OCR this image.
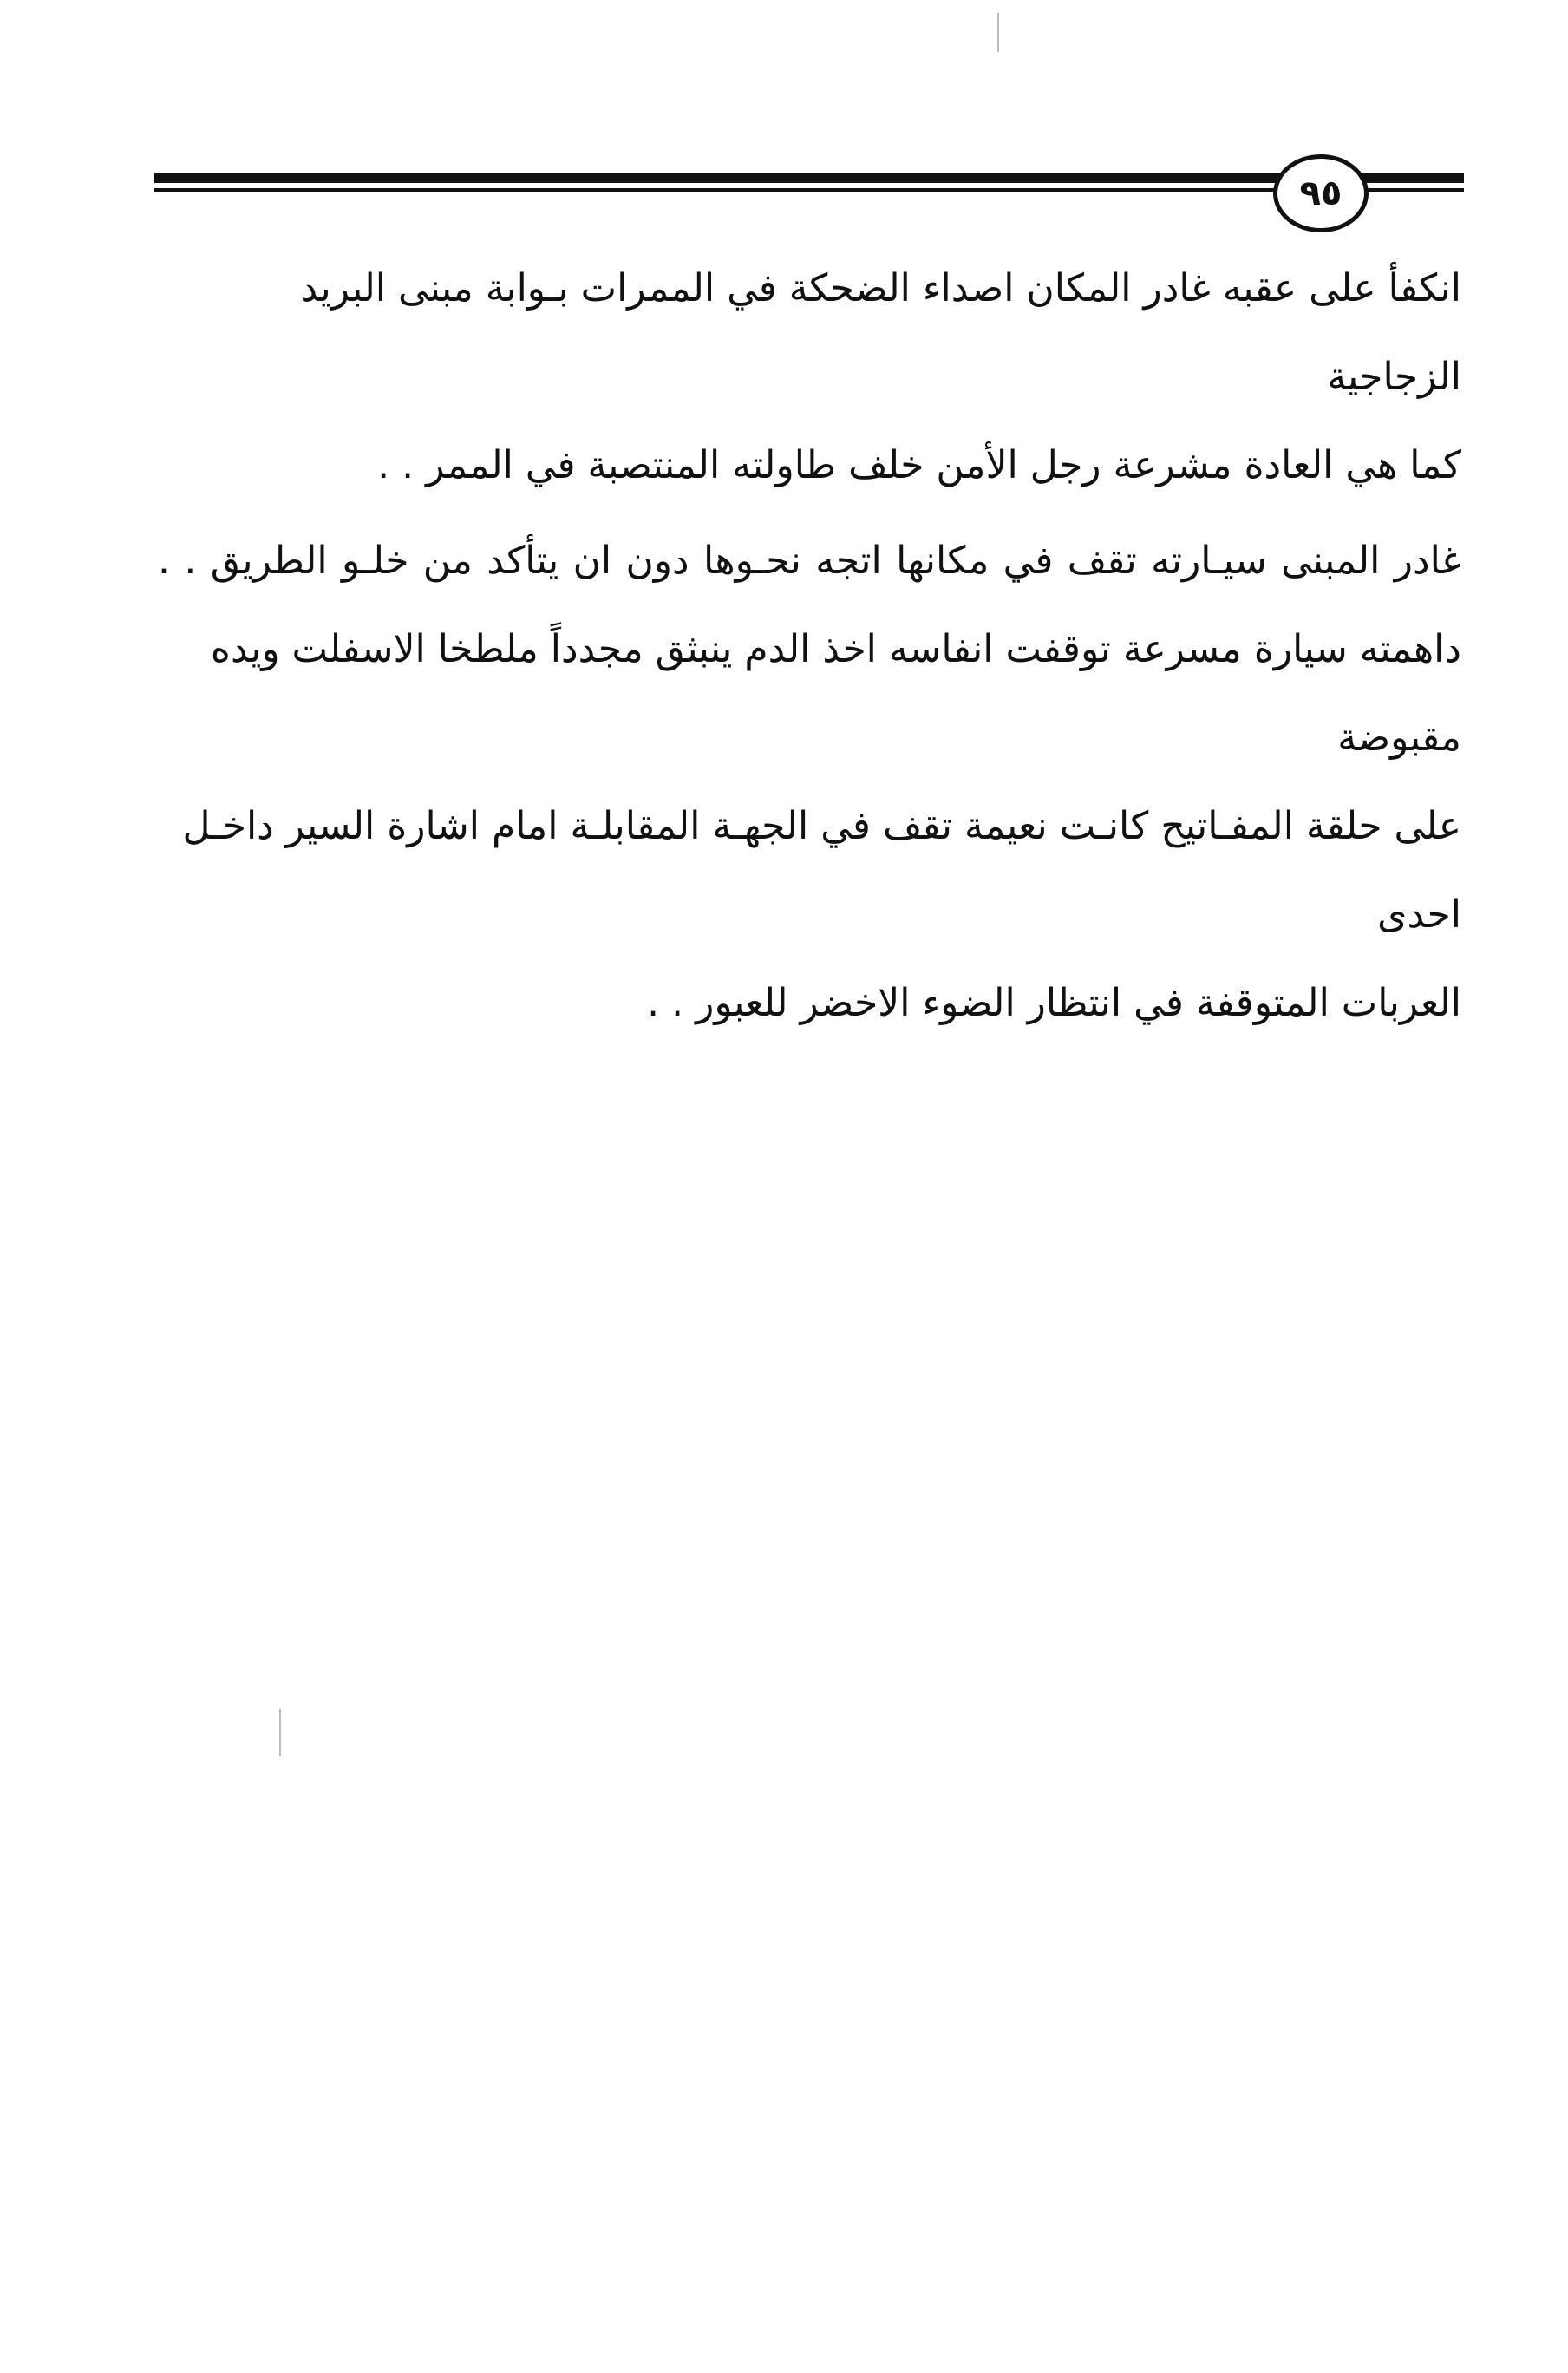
٩٥
انكفأ على عقبه غادر المكان اصداء الضحكة في الممرات بـوابة مبنى البريد الزجاجية
كما هي العادة مشرعة رجل الأمن خلف طاولته المنتصبة في الممر . .
غادر المبنى سيـارته تقف في مكانها اتجه نحـوها دون ان يتأكد من خلـو الطريق . .
داهمته سيارة مسرعة توقفت انفاسه اخذ الدم ينبثق مجدداً ملطخا الاسفلت ويده مقبوضة
على حلقة المفـاتيح كانـت نعيمة تقف في الجهـة المقابلـة امام اشارة السير داخـل احدى
العربات المتوقفة في انتظار الضوء الاخضر للعبور . .
